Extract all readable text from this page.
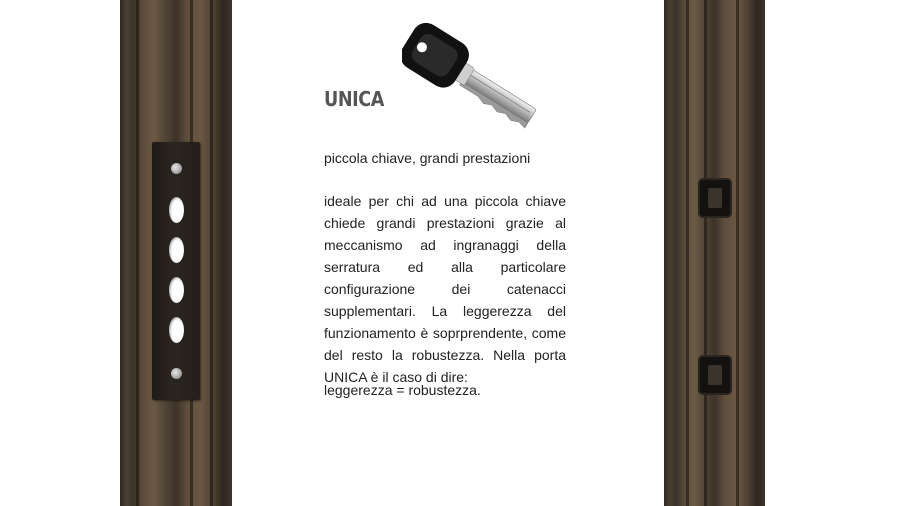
UNICA

piccola chiave, grandi prestazioni

ideale per chi ad una piccola chiave chiede grandi prestazioni grazie al meccanismo ad ingranaggi della serratura ed alla particolare configurazione dei catenacci supplementari. La leggerezza del funzionamento è soprprendente, come del resto la robustezza. Nella porta UNICA è il caso di dire:

leggerezza = robustezza.
